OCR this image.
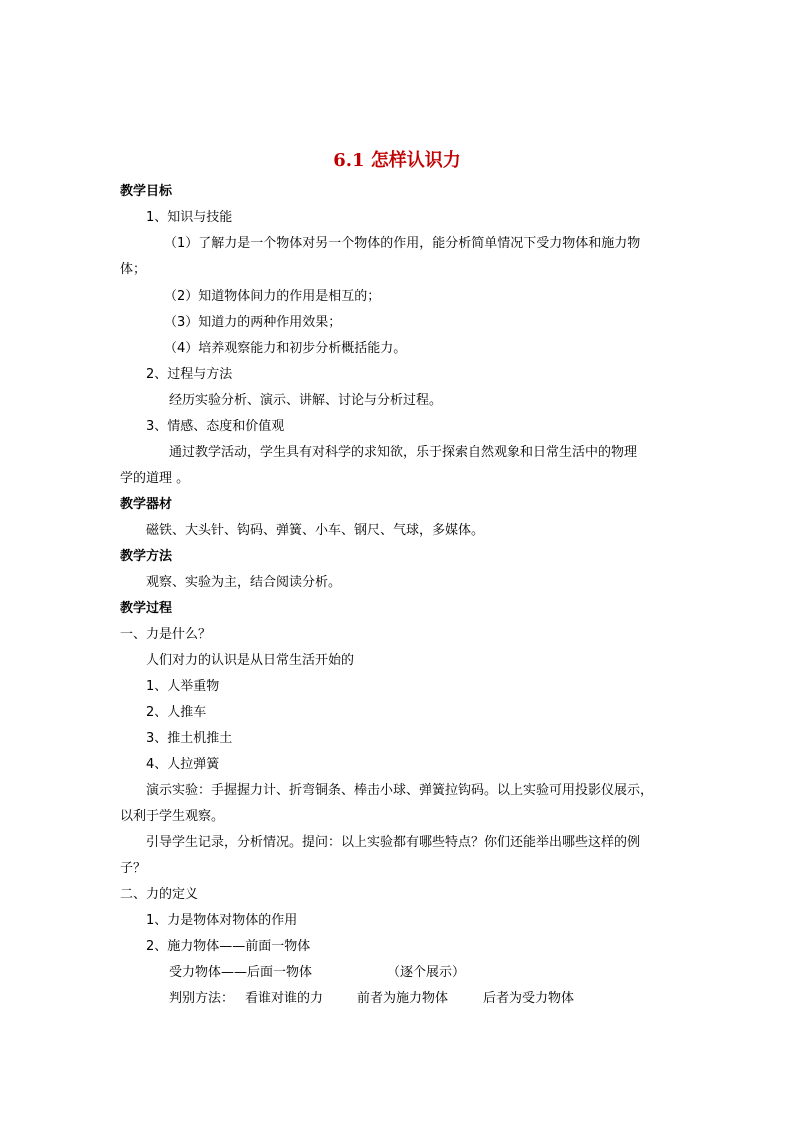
6.1 怎样认识力
教学目标
1、知识与技能
（1）了解力是一个物体对另一个物体的作用，能分析简单情况下受力物体和施力物
体；
（2）知道物体间力的作用是相互的；
（3）知道力的两种作用效果；
（4）培养观察能力和初步分析概括能力。
2、过程与方法
经历实验分析、演示、讲解、讨论与分析过程。
3、情感、态度和价值观
通过教学活动，学生具有对科学的求知欲，乐于探索自然观象和日常生活中的物理
学的道理 。
教学器材
磁铁、大头针、钩码、弹簧、小车、钢尺、气球，多媒体。
教学方法
观察、实验为主，结合阅读分析。
教学过程
一、力是什么？
人们对力的认识是从日常生活开始的
1、人举重物
2、人推车
3、推土机推土
4、人拉弹簧
演示实验：手握握力计、折弯铜条、棒击小球、弹簧拉钩码。以上实验可用投影仪展示，
以利于学生观察。
引导学生记录，分析情况。提问：以上实验都有哪些特点？你们还能举出哪些这样的例
子？
二、力的定义
1、力是物体对物体的作用
2、施力物体——前面一物体
受力物体——后面一物体	（逐个展示）
判别方法： 看谁对谁的力	前者为施力物体	后者为受力物体
